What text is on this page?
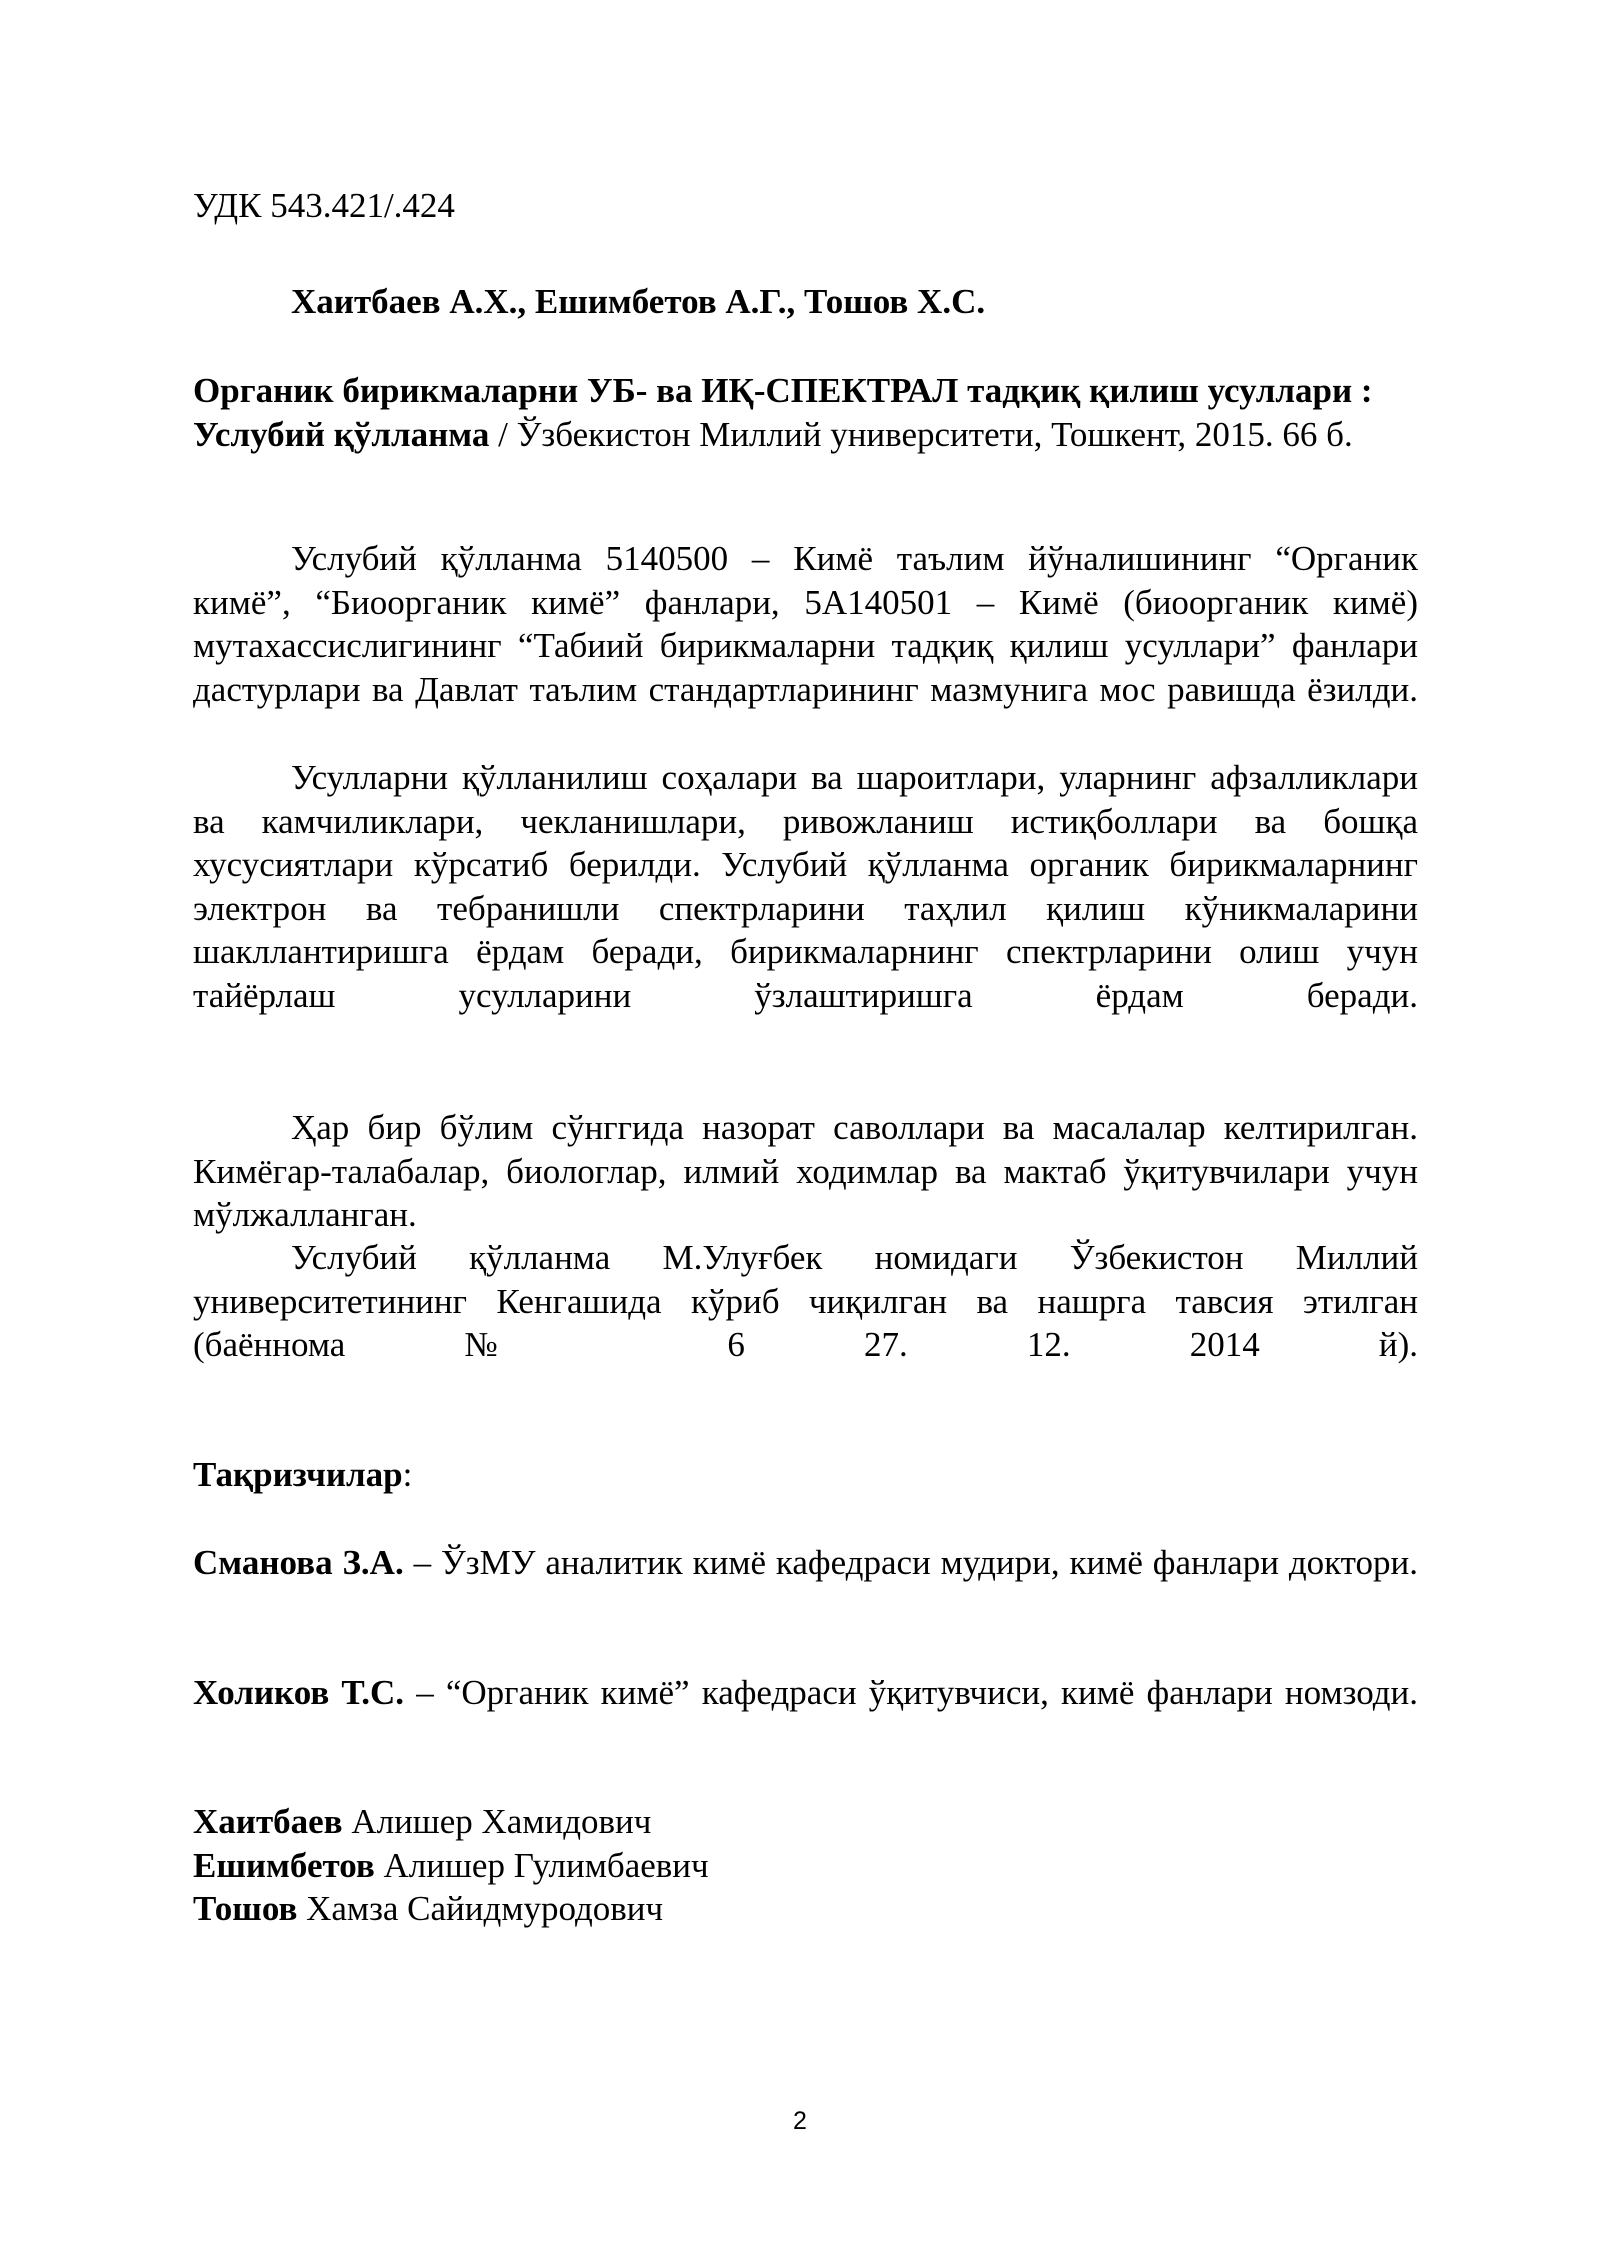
УДК 543.421/.424
Хаитбаев А.Х., Ешимбетов А.Г., Тошов Х.С.
Органик бирикмаларни УБ- ва ИҚ-СПЕКТРАЛ тадқиқ қилиш усуллари : Услубий қўлланма / Ўзбекистон Миллий университети, Тошкент, 2015. 66 б.
Услубий қўлланма 5140500 – Кимё таълим йўналишининг “Органик кимё”, “Биоорганик кимё” фанлари, 5А140501 – Кимё (биоорганик кимё) мутахассислигининг “Табиий бирикмаларни тадқиқ қилиш усуллари” фанлари дастурлари ва Давлат таълим стандартларининг мазмунига мос равишда ёзилди.
Усулларни қўлланилиш соҳалари ва шароитлари, уларнинг афзалликлари ва камчиликлари, чекланишлари, ривожланиш истиқболлари ва бошқа хусусиятлари кўрсатиб берилди. Услубий қўлланма органик бирикмаларнинг электрон ва тебранишли спектрларини таҳлил қилиш кўникмаларини шакллантиришга ёрдам беради, бирикмаларнинг спектрларини олиш учун тайёрлаш усулларини ўзлаштиришга ёрдам беради.
Ҳар бир бўлим сўнггида назорат саволлари ва масалалар келтирилган. Кимёгар-талабалар, биологлар, илмий ходимлар ва мактаб ўқитувчилари учун мўлжалланган.
Услубий қўлланма М.Улуғбек номидаги Ўзбекистон Миллий университетининг Кенгашида кўриб чиқилган ва нашрга тавсия этилган (баённома № 6 27. 12. 2014 й).
Тақризчилар:
Сманова З.А. – ЎзМУ аналитик кимё кафедраси мудири, кимё фанлари доктори.
Холиков Т.С. – “Органик кимё” кафедраси ўқитувчиси, кимё фанлари номзоди.
Хаитбаев Алишер Хамидович
Ешимбетов Алишер Гулимбаевич
Тошов Хамза Сайидмуродович
2
